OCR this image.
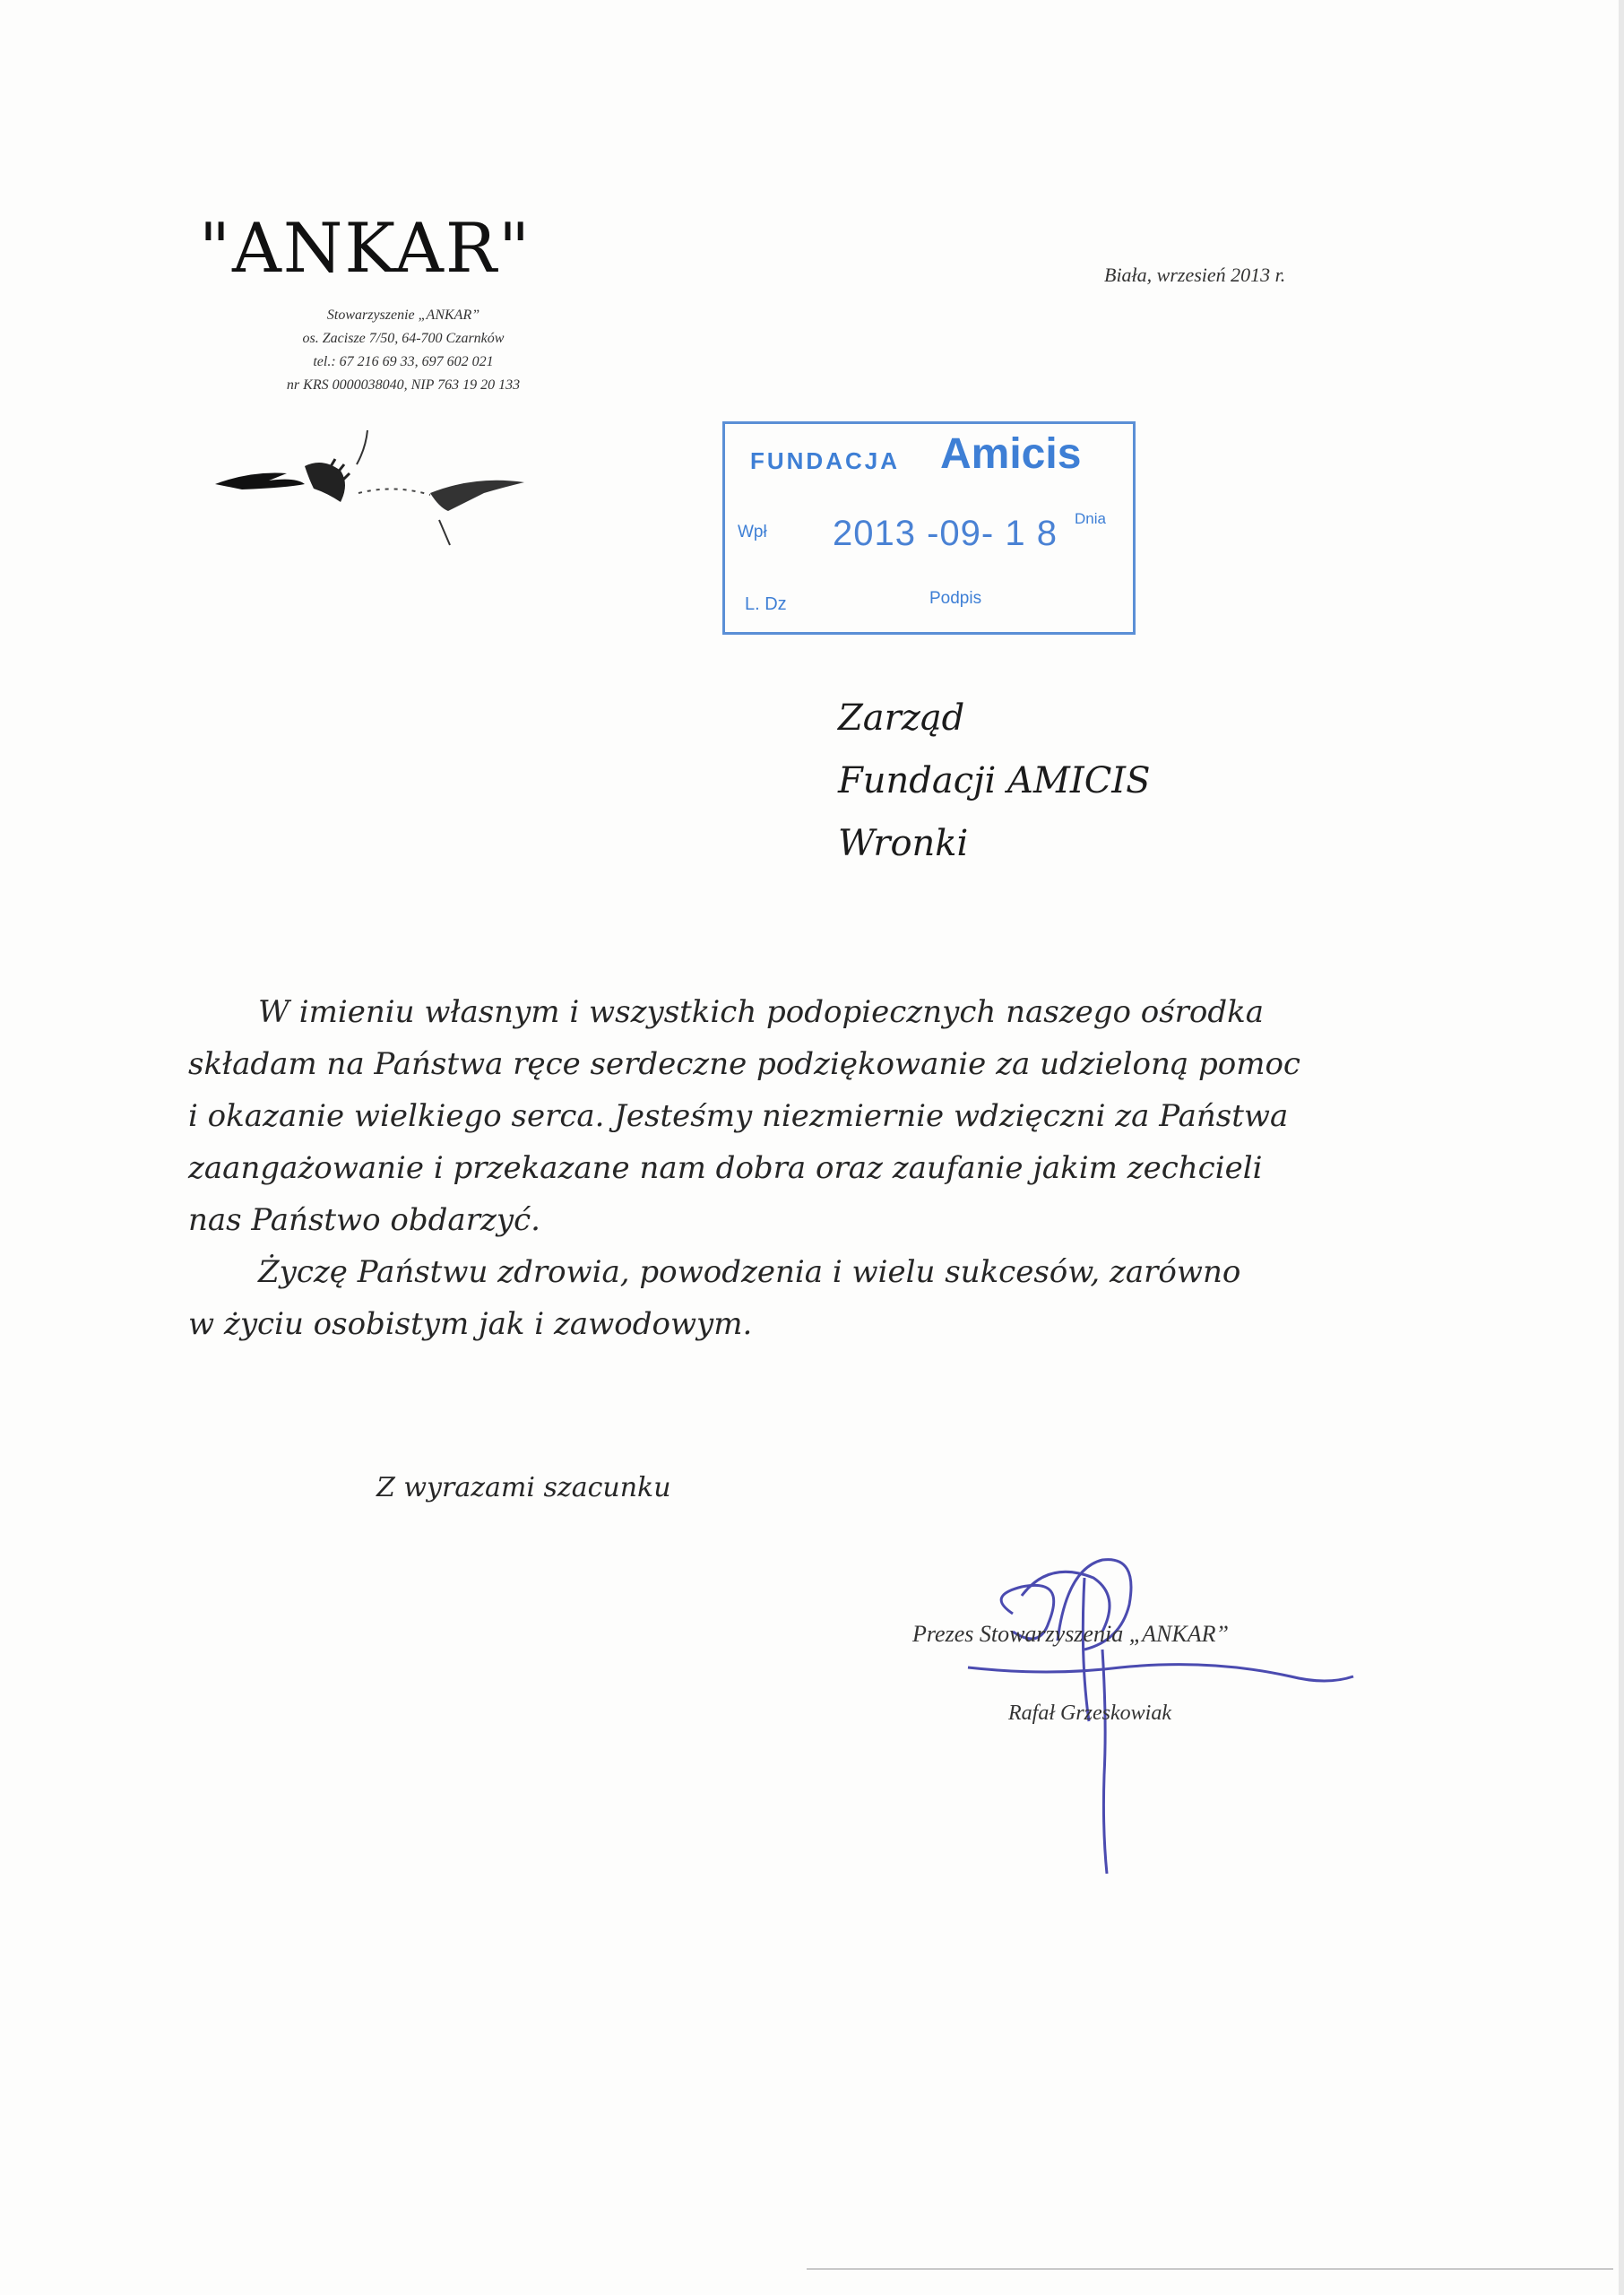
"ANKAR"
Stowarzyszenie „ANKAR”
os. Zacisze 7/50, 64-700 Czarnków
tel.: 67 216 69 33, 697 602 021
nr KRS 0000038040, NIP 763 19 20 133
Biała, wrzesień 2013 r.
FUNDACJA Amicis
Wpł 2013 -09- 1 8 Dnia
L. Dz	Podpis
Zarząd
Fundacji AMICIS
Wronki

W imieniu własnym i wszystkich podopiecznych naszego ośrodka

składam na Państwa ręce serdeczne podziękowanie za udzieloną pomoc

i okazanie wielkiego serca. Jesteśmy niezmiernie wdzięczni za Państwa

zaangażowanie i przekazane nam dobra oraz zaufanie jakim zechcieli

nas Państwo obdarzyć.

Życzę Państwu zdrowia, powodzenia i wielu sukcesów, zarówno

w życiu osobistym jak i zawodowym.

Z wyrazami szacunku
Prezes Stowarzyszenia „ANKAR”
Rafał Grzeskowiak
